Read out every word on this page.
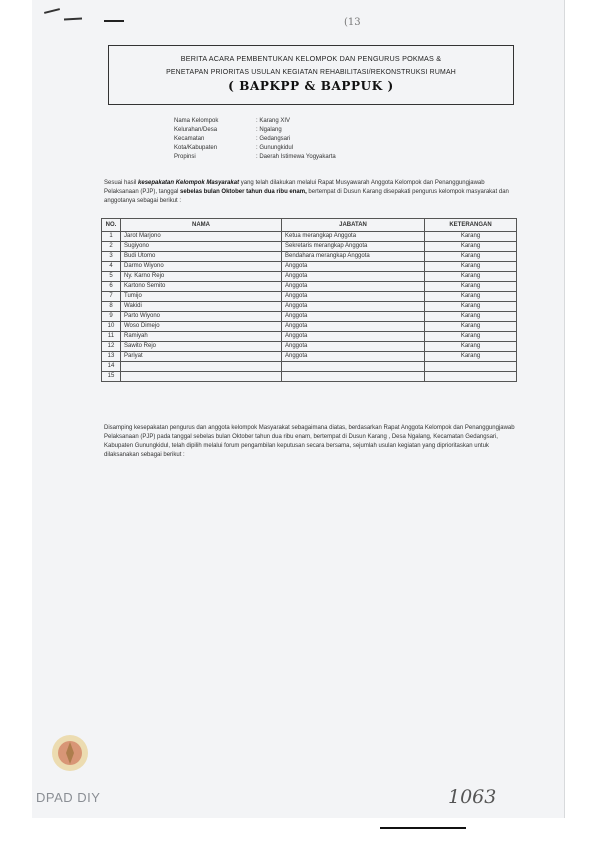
(13
BERITA ACARA PEMBENTUKAN KELOMPOK DAN PENGURUS POKMAS &
PENETAPAN PRIORITAS USULAN KEGIATAN REHABILITASI/REKONSTRUKSI RUMAH
( BAPKPP & BAPPUK )
Nama Kelompok	: Karang XIV
Kelurahan/Desa	: Ngalang
Kecamatan	: Gedangsari
Kota/Kabupaten	: Gunungkidul
Propinsi	: Daerah Istimewa Yogyakarta
Sesuai hasil kesepakatan Kelompok Masyarakat yang telah dilakukan melalui Rapat Musyawarah Anggota Kelompok dan Penanggungjawab Pelaksanaan (PJP), tanggal sebelas bulan Oktober tahun dua ribu enam, bertempat di Dusun Karang disepakati pengurus kelompok masyarakat dan anggotanya sebagai berikut :
NO.	NAMA	JABATAN	KETERANGAN
1	Jarot Marjono	Ketua merangkap Anggota	Karang
2	Sugiyono	Sekretaris merangkap Anggota	Karang
3	Budi Utomo	Bendahara merangkap Anggota	Karang
4	Darmo Wiyono	Anggota	Karang
5	Ny. Karno Rejo	Anggota	Karang
6	Kartono Semito	Anggota	Karang
7	Tumijo	Anggota	Karang
8	Wakidi	Anggota	Karang
9	Parto Wiyono	Anggota	Karang
10	Woso Dimejo	Anggota	Karang
11	Ramiyah	Anggota	Karang
12	Sawito Rejo	Anggota	Karang
13	Pariyat	Anggota	Karang
14			
15			
Disamping kesepakatan pengurus dan anggota kelompok Masyarakat sebagaimana diatas, berdasarkan Rapat Anggota Kelompok dan Penanggungjawab Pelaksanaan (PJP) pada tanggal sebelas bulan Oktober tahun dua ribu enam, bertempat di Dusun Karang , Desa Ngalang, Kecamatan Gedangsari, Kabupaten Gunungkidul, telah dipilih melalui forum pengambilan keputusan secara bersama, sejumlah usulan kegiatan yang diprioritaskan untuk dilaksanakan sebagai berikut :
DPAD DIY	1063
